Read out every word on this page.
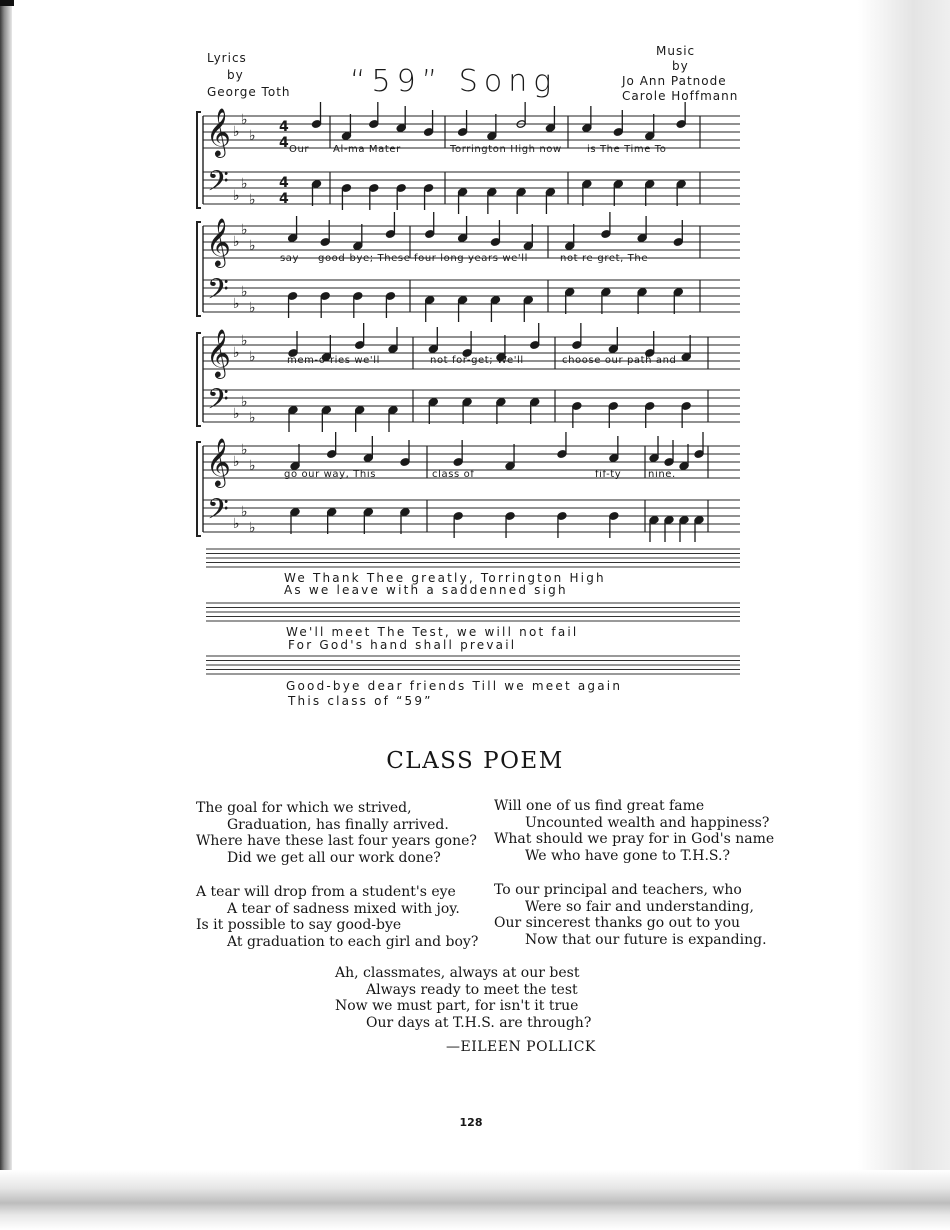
Lyrics
by
George Toth “59” Song
Music
by
Jo Ann Patnode
Carole Hoffmann
𝄞
𝄢
♭
♭
♭
♭
♭
♭
4
4
4
4
Our Al-ma Mater	Torrington High now	is The Time To
𝄞
𝄢
♭
♭
♭
♭
♭
♭
say good-bye; These four long years we'll	not re-gret, The
𝄞
𝄢
♭
♭
♭
♭
♭
♭
mem-o-ries we'll	not for-get; We'll	choose our path and
𝄞
𝄢
♭
♭
♭
♭
♭
♭
go our way, This	class of	fif-ty	nine.
We Thank Thee greatly, Torrington High
As we leave with a saddenned sigh
We'll meet The Test, we will not fail
For God's hand shall prevail
Good-bye dear friends Till we meet again
This class of “59”
CLASS POEM
The goal for which we strived,
Graduation, has finally arrived.
Where have these last four years gone?
Did we get all our work done?
Will one of us find great fame
Uncounted wealth and happiness?
What should we pray for in God's name
We who have gone to T.H.S.?
A tear will drop from a student's eye
A tear of sadness mixed with joy.
Is it possible to say good-bye
At graduation to each girl and boy?
To our principal and teachers, who
Were so fair and understanding,
Our sincerest thanks go out to you
Now that our future is expanding.
Ah, classmates, always at our best
Always ready to meet the test
Now we must part, for isn't it true
Our days at T.H.S. are through?
—EILEEN POLLICK
128
